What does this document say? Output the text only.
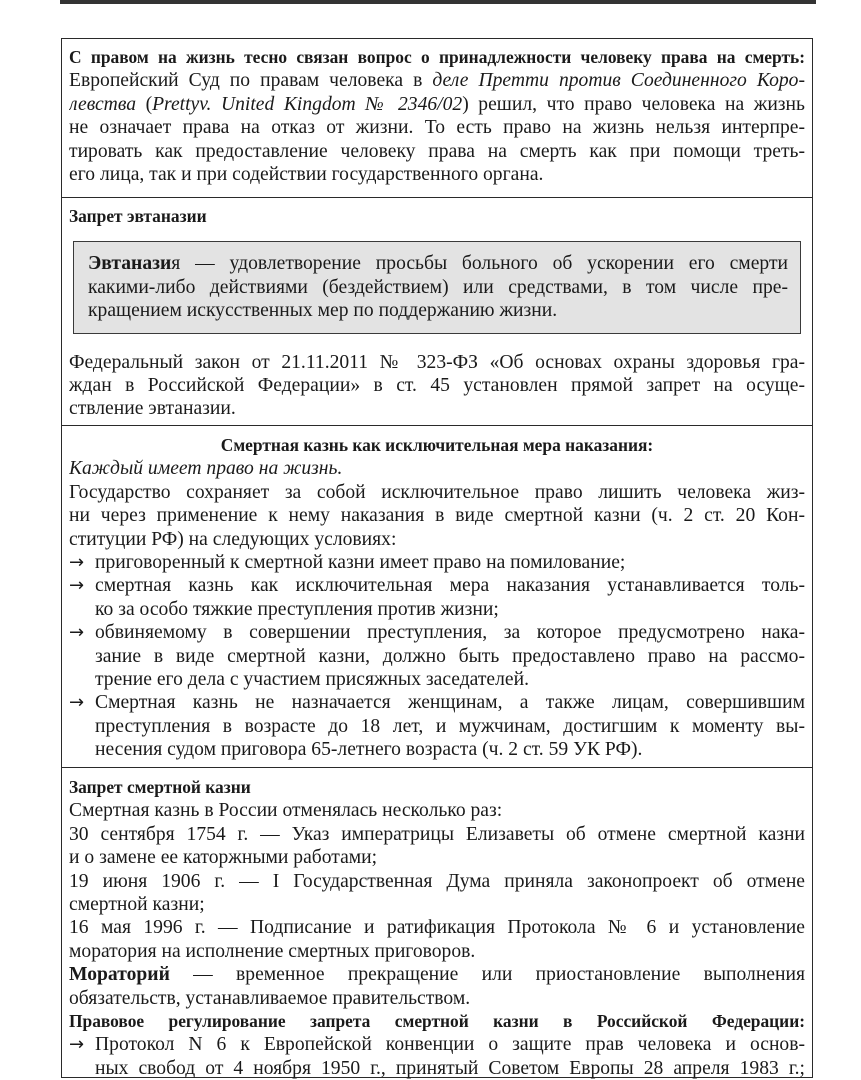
С правом на жизнь тесно связан вопрос о принадлежности человеку права на смерть:
Европейский Суд по правам человека в деле Претти против Соединенного Коро-
левства (Prettyv. United Kingdom № 2346/02) решил, что право человека на жизнь
не означает права на отказ от жизни. То есть право на жизнь нельзя интерпре-
тировать как предоставление человеку права на смерть как при помощи треть-
его лица, так и при содействии государственного органа.
Запрет эвтаназии
Эвтаназия — удовлетворение просьбы больного об ускорении его смерти
какими-либо действиями (бездействием) или средствами, в том числе пре-
кращением искусственных мер по поддержанию жизни.
Федеральный закон от 21.11.2011 № 323-ФЗ «Об основах охраны здоровья гра-
ждан в Российской Федерации» в ст. 45 установлен прямой запрет на осуще-
ствление эвтаназии.
Смертная казнь как исключительная мера наказания:
Каждый имеет право на жизнь.
Государство сохраняет за собой исключительное право лишить человека жиз-
ни через применение к нему наказания в виде смертной казни (ч. 2 ст. 20 Кон-
ституции РФ) на следующих условиях:
→ приговоренный к смертной казни имеет право на помилование;
→ смертная казнь как исключительная мера наказания устанавливается толь-
ко за особо тяжкие преступления против жизни;
→ обвиняемому в совершении преступления, за которое предусмотрено нака-
зание в виде смертной казни, должно быть предоставлено право на рассмо-
трение его дела с участием присяжных заседателей.
→ Смертная казнь не назначается женщинам, а также лицам, совершившим
преступления в возрасте до 18 лет, и мужчинам, достигшим к моменту вы-
несения судом приговора 65-летнего возраста (ч. 2 ст. 59 УК РФ).
Запрет смертной казни
Смертная казнь в России отменялась несколько раз:
30 сентября 1754 г. — Указ императрицы Елизаветы об отмене смертной казни
и о замене ее каторжными работами;
19 июня 1906 г. — I Государственная Дума приняла законопроект об отмене
смертной казни;
16 мая 1996 г. — Подписание и ратификация Протокола № 6 и установление
моратория на исполнение смертных приговоров.
Мораторий — временное прекращение или приостановление выполнения
обязательств, устанавливаемое правительством.
Правовое регулирование запрета смертной казни в Российской Федерации:
→ Протокол N 6 к Европейской конвенции о защите прав человека и основ-
ных свобод от 4 ноября 1950 г., принятый Советом Европы 28 апреля 1983 г.;
